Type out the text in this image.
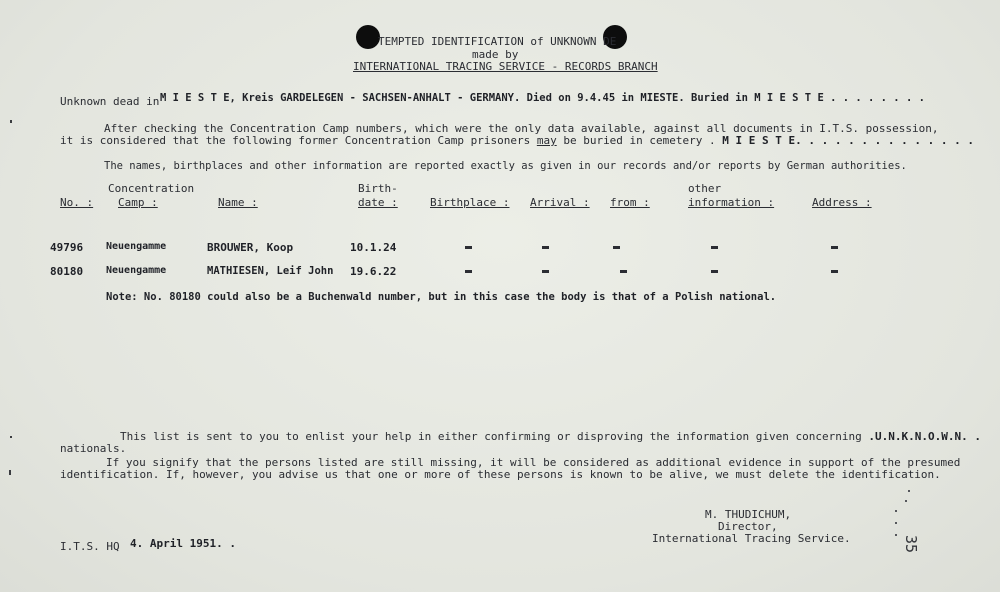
TEMPTED IDENTIFICATION of UNKNOWN DE
made by
INTERNATIONAL TRACING SERVICE - RECORDS BRANCH
Unknown dead in M I E S T E, Kreis GARDELEGEN - SACHSEN-ANHALT - GERMANY. Died on 9.4.45 in MIESTE. Buried in M I E S T E . . . . . . . .
After checking the Concentration Camp numbers, which were the only data available, against all documents in I.T.S. possession,
it is considered that the following former Concentration Camp prisoners may be buried in cemetery . M I E S T E. . . . . . . . . . . . . .
The names, birthplaces and other information are reported exactly as given in our records and/or reports by German authorities.
Concentration	Birth-	other
No. : Camp :	Name :	date :	Birthplace : Arrival : from :	information :	Address :
49796 Neuengamme	BROUWER, Koop	10.1.24
80180 Neuengamme	MATHIESEN, Leif John 19.6.22
Note: No. 80180 could also be a Buchenwald number, but in this case the body is that of a Polish national.
This list is sent to you to enlist your help in either confirming or disproving the information given concerning .U.N.K.N.O.W.N. .
nationals.
If you signify that the persons listed are still missing, it will be considered as additional evidence in support of the presumed
identification. If, however, you advise us that one or more of these persons is known to be alive, we must delete the identification.
M. THUDICHUM,
Director,
International Tracing Service.
I.T.S. HQ 4. April 1951. .	35
